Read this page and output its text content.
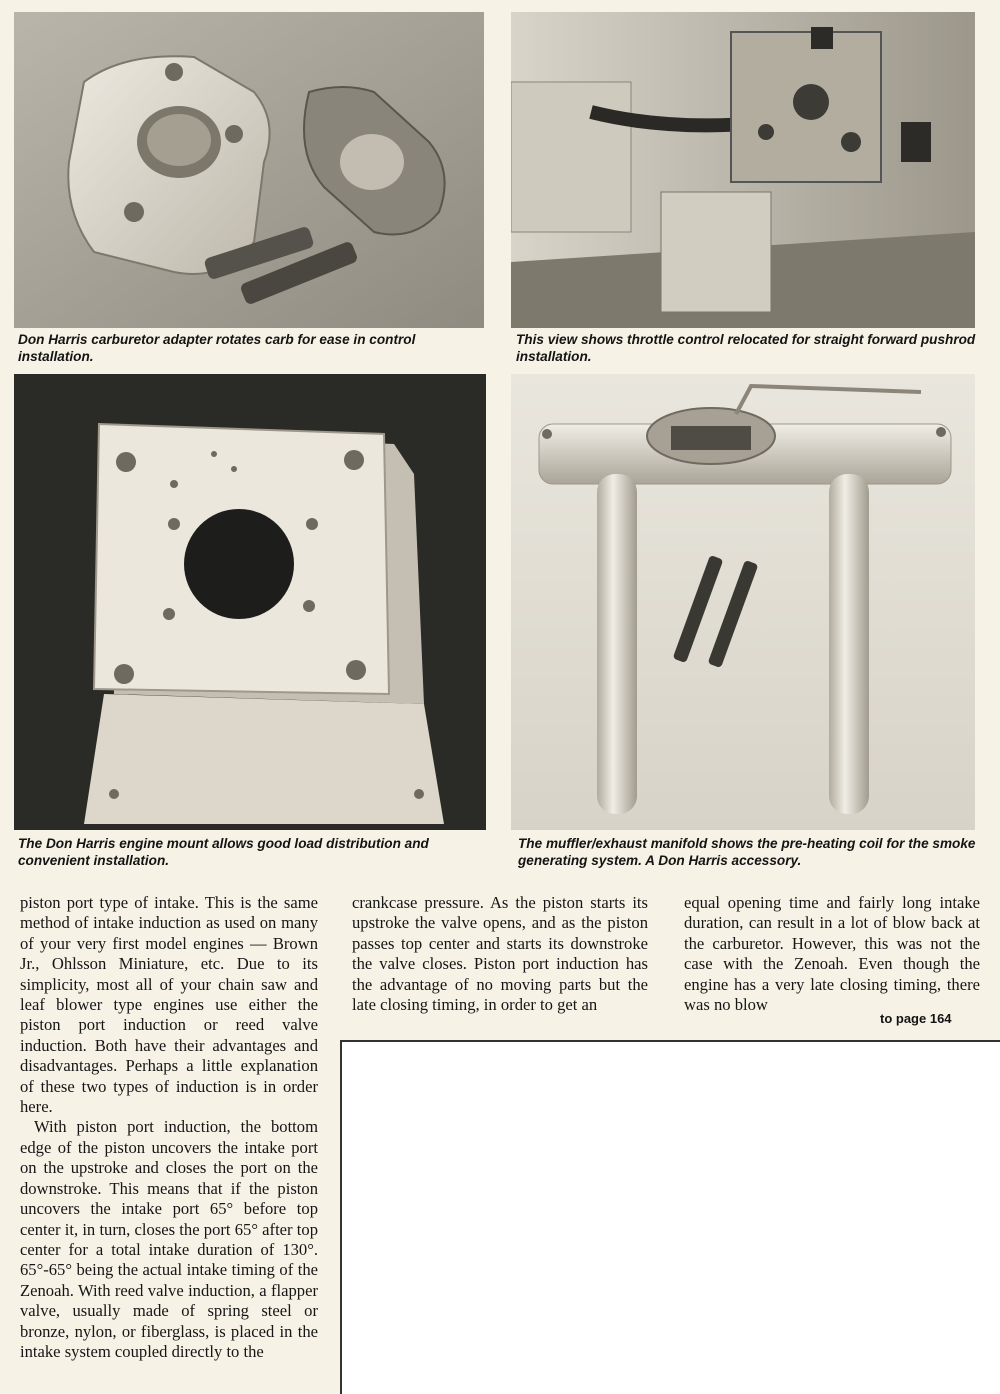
Don Harris carburetor adapter rotates carb for ease in control installation.
This view shows throttle control relocated for straight forward pushrod installation.
The Don Harris engine mount allows good load distribution and convenient installation.
The muffler/exhaust manifold shows the pre-heating coil for the smoke generating system. A Don Harris accessory.

piston port type of intake. This is the same method of intake induction as used on many of your very first model engines — Brown Jr., Ohlsson Miniature, etc. Due to its simplicity, most all of your chain saw and leaf blower type engines use either the piston port induction or reed valve induction. Both have their advantages and disadvantages. Perhaps a little explanation of these two types of induction is in order here.

With piston port induction, the bottom edge of the piston uncovers the intake port on the upstroke and closes the port on the downstroke. This means that if the piston uncovers the intake port 65° before top center it, in turn, closes the port 65° after top center for a total intake duration of 130°. 65°-65° being the actual intake timing of the Zenoah. With reed valve induction, a flapper valve, usually made of spring steel or bronze, nylon, or fiberglass, is placed in the intake system coupled directly to the

crankcase pressure. As the piston starts its upstroke the valve opens, and as the piston passes top center and starts its downstroke the valve closes. Piston port induction has the advantage of no moving parts but the late closing timing, in order to get an

equal opening time and fairly long intake duration, can result in a lot of blow back at the carburetor. However, this was not the case with the Zenoah. Even though the engine has a very late closing timing, there was no blow

to page 164
